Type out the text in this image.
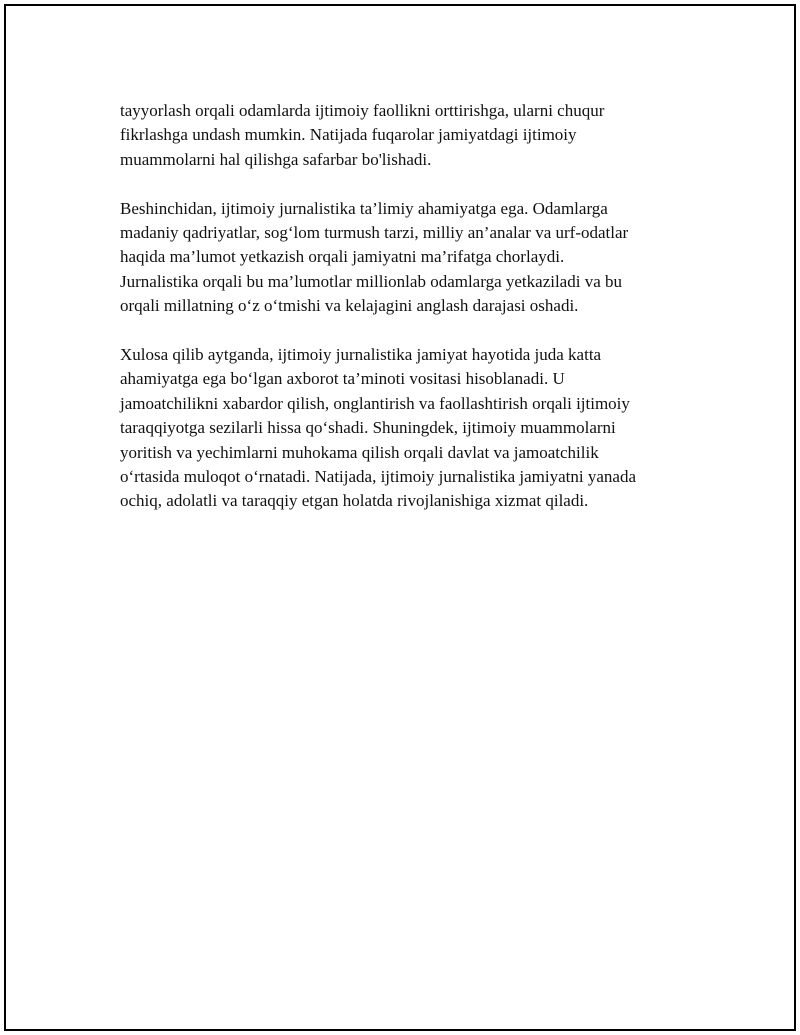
tayyorlash orqali odamlarda ijtimoiy faollikni orttirishga, ularni chuqur
fikrlashga undash mumkin. Natijada fuqarolar jamiyatdagi ijtimoiy
muammolarni hal qilishga safarbar bo'lishadi.

Beshinchidan, ijtimoiy jurnalistika ta’limiy ahamiyatga ega. Odamlarga
madaniy qadriyatlar, sog‘lom turmush tarzi, milliy an’analar va urf-odatlar
haqida ma’lumot yetkazish orqali jamiyatni ma’rifatga chorlaydi.
Jurnalistika orqali bu ma’lumotlar millionlab odamlarga yetkaziladi va bu
orqali millatning o‘z o‘tmishi va kelajagini anglash darajasi oshadi.

Xulosa qilib aytganda, ijtimoiy jurnalistika jamiyat hayotida juda katta
ahamiyatga ega bo‘lgan axborot ta’minoti vositasi hisoblanadi. U
jamoatchilikni xabardor qilish, onglantirish va faollashtirish orqali ijtimoiy
taraqqiyotga sezilarli hissa qo‘shadi. Shuningdek, ijtimoiy muammolarni
yoritish va yechimlarni muhokama qilish orqali davlat va jamoatchilik
o‘rtasida muloqot o‘rnatadi. Natijada, ijtimoiy jurnalistika jamiyatni yanada
ochiq, adolatli va taraqqiy etgan holatda rivojlanishiga xizmat qiladi.
